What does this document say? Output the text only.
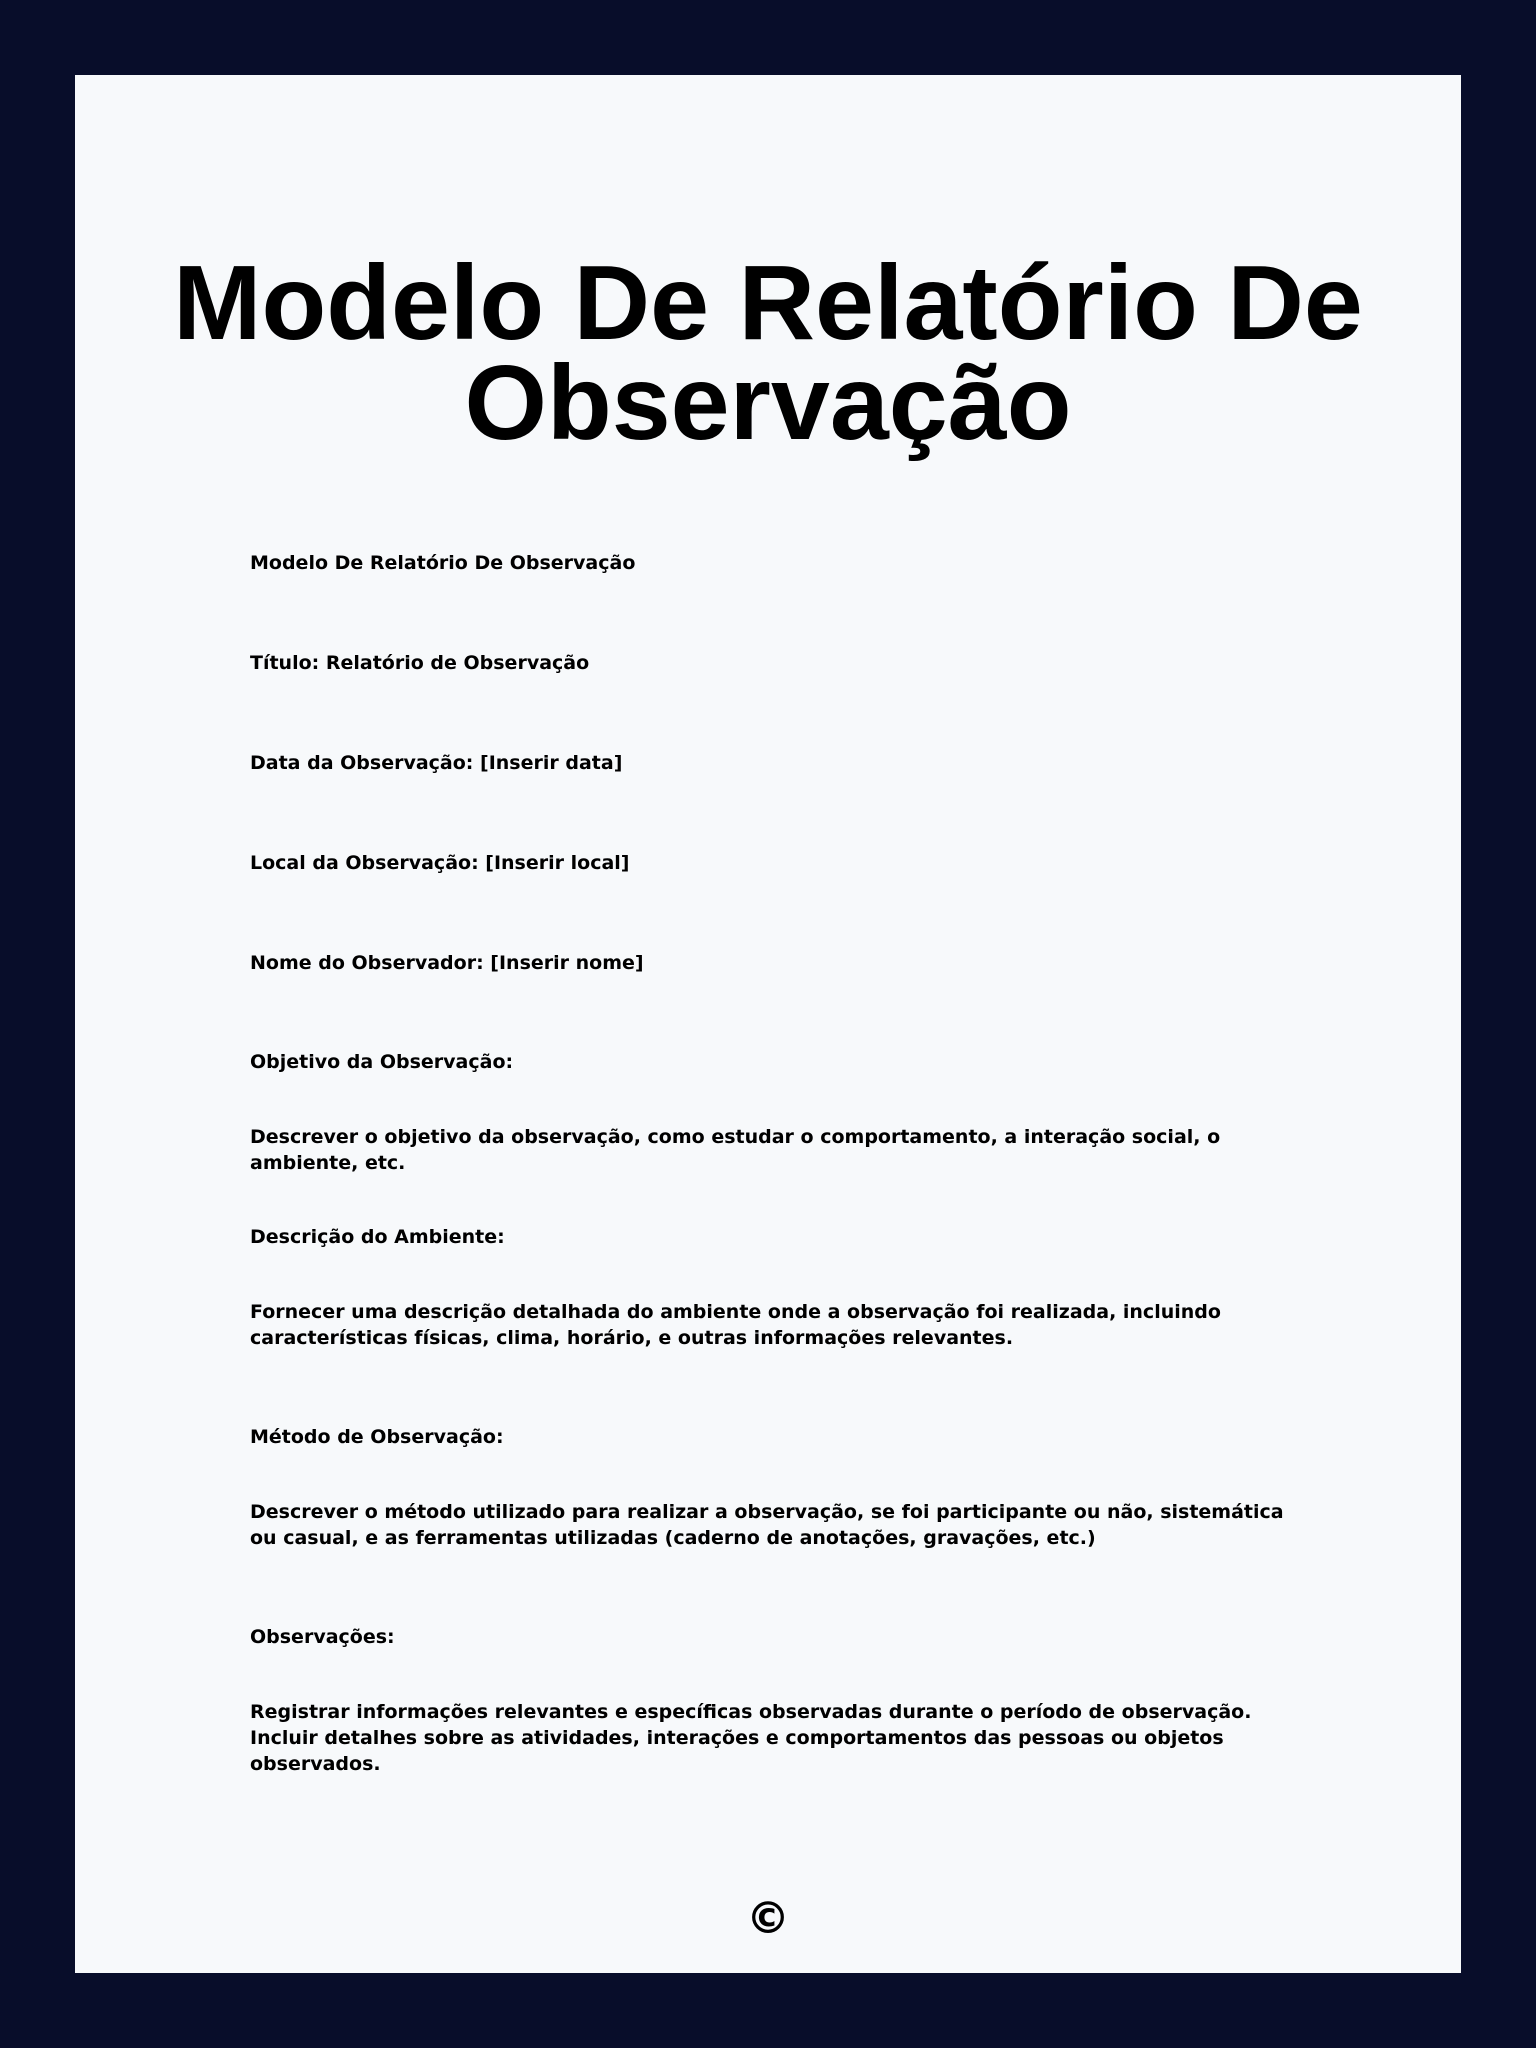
Modelo De Relatório De Observação

Modelo De Relatório De Observação

Título: Relatório de Observação

Data da Observação: [Inserir data]

Local da Observação: [Inserir local]

Nome do Observador: [Inserir nome]

Objetivo da Observação:

Descrever o objetivo da observação, como estudar o comportamento, a interação social, o ambiente, etc.

Descrição do Ambiente:

Fornecer uma descrição detalhada do ambiente onde a observação foi realizada, incluindo características físicas, clima, horário, e outras informações relevantes.

Método de Observação:

Descrever o método utilizado para realizar a observação, se foi participante ou não, sistemática ou casual, e as ferramentas utilizadas (caderno de anotações, gravações, etc.)

Observações:

Registrar informações relevantes e específicas observadas durante o período de observação. Incluir detalhes sobre as atividades, interações e comportamentos das pessoas ou objetos observados.

©
